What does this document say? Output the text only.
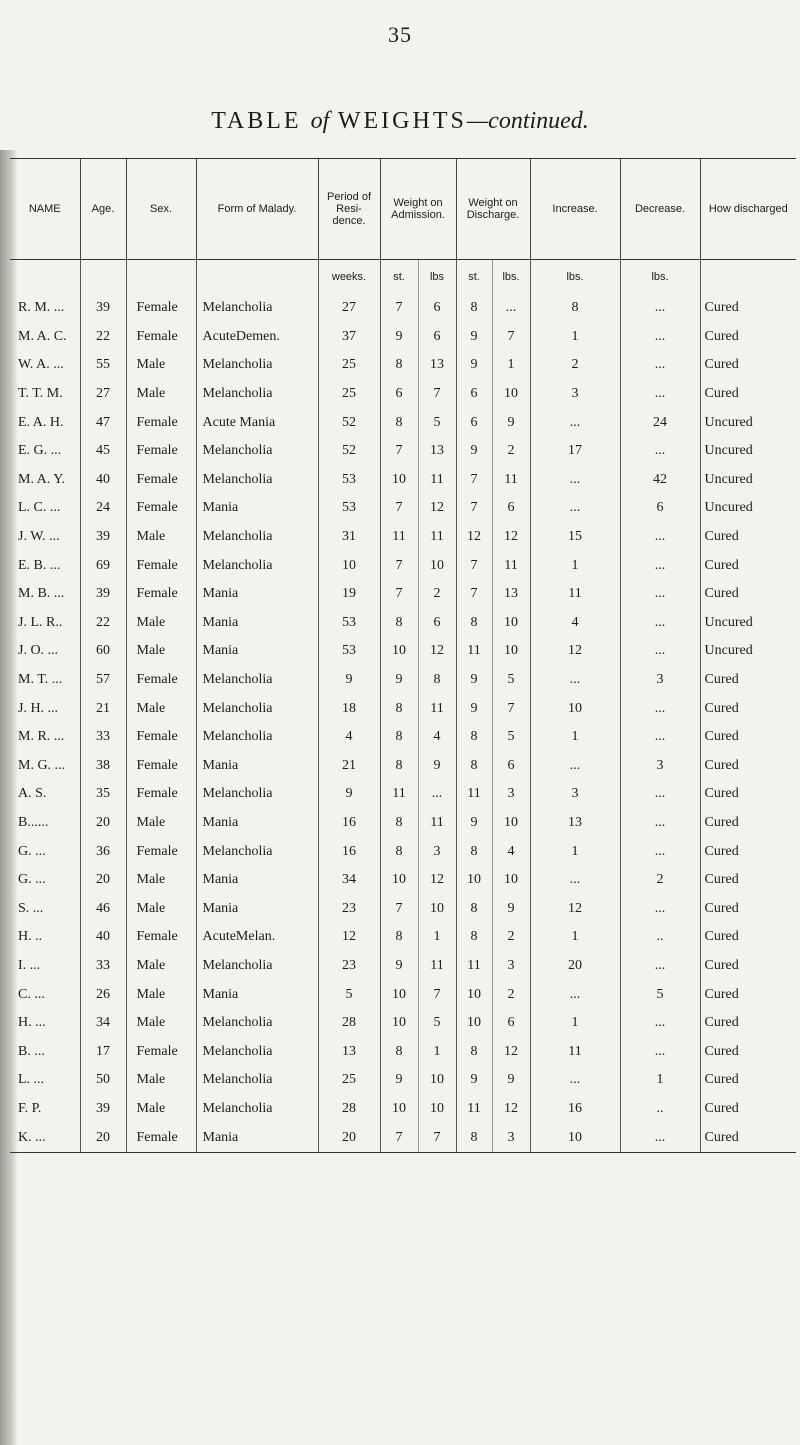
35
TABLE of WEIGHTS—continued.
NAME	Age.	Sex.	Form of Malady.	Period of Resi- dence.	Weight on Admission.		Weight on Discharge.		Increase.	Decrease.	How discharged
				weeks.	st.	lbs	st.	lbs.	lbs.	lbs.	
R. M. ...	39	Female	Melancholia	27	7	6	8	...	8	...	Cured
M. A. C.	22	Female	AcuteDemen.	37	9	6	9	7	1	...	Cured
W. A. ...	55	Male	Melancholia	25	8	13	9	1	2	...	Cured
T. T. M.	27	Male	Melancholia	25	6	7	6	10	3	...	Cured
E. A. H.	47	Female	Acute Mania	52	8	5	6	9	...	24	Uncured
E. G. ...	45	Female	Melancholia	52	7	13	9	2	17	...	Uncured
M. A. Y.	40	Female	Melancholia	53	10	11	7	11	...	42	Uncured
L. C. ...	24	Female	Mania	53	7	12	7	6	...	6	Uncured
J. W. ...	39	Male	Melancholia	31	11	11	12	12	15	...	Cured
E. B. ...	69	Female	Melancholia	10	7	10	7	11	1	...	Cured
M. B. ...	39	Female	Mania	19	7	2	7	13	11	...	Cured
J. L. R..	22	Male	Mania	53	8	6	8	10	4	...	Uncured
J. O. ...	60	Male	Mania	53	10	12	11	10	12	...	Uncured
M. T. ...	57	Female	Melancholia	9	9	8	9	5	...	3	Cured
J. H. ...	21	Male	Melancholia	18	8	11	9	7	10	...	Cured
M. R. ...	33	Female	Melancholia	4	8	4	8	5	1	...	Cured
M. G. ...	38	Female	Mania	21	8	9	8	6	...	3	Cured
A. S.	35	Female	Melancholia	9	11	...	11	3	3	...	Cured
B......	20	Male	Mania	16	8	11	9	10	13	...	Cured
G. ...	36	Female	Melancholia	16	8	3	8	4	1	...	Cured
G. ...	20	Male	Mania	34	10	12	10	10	...	2	Cured
S. ...	46	Male	Mania	23	7	10	8	9	12	...	Cured
H. ..	40	Female	AcuteMelan.	12	8	1	8	2	1	..	Cured
I. ...	33	Male	Melancholia	23	9	11	11	3	20	...	Cured
C. ...	26	Male	Mania	5	10	7	10	2	...	5	Cured
H. ...	34	Male	Melancholia	28	10	5	10	6	1	...	Cured
B. ...	17	Female	Melancholia	13	8	1	8	12	11	...	Cured
L. ...	50	Male	Melancholia	25	9	10	9	9	...	1	Cured
F. P.	39	Male	Melancholia	28	10	10	11	12	16	..	Cured
K. ...	20	Female	Mania	20	7	7	8	3	10	...	Cured
